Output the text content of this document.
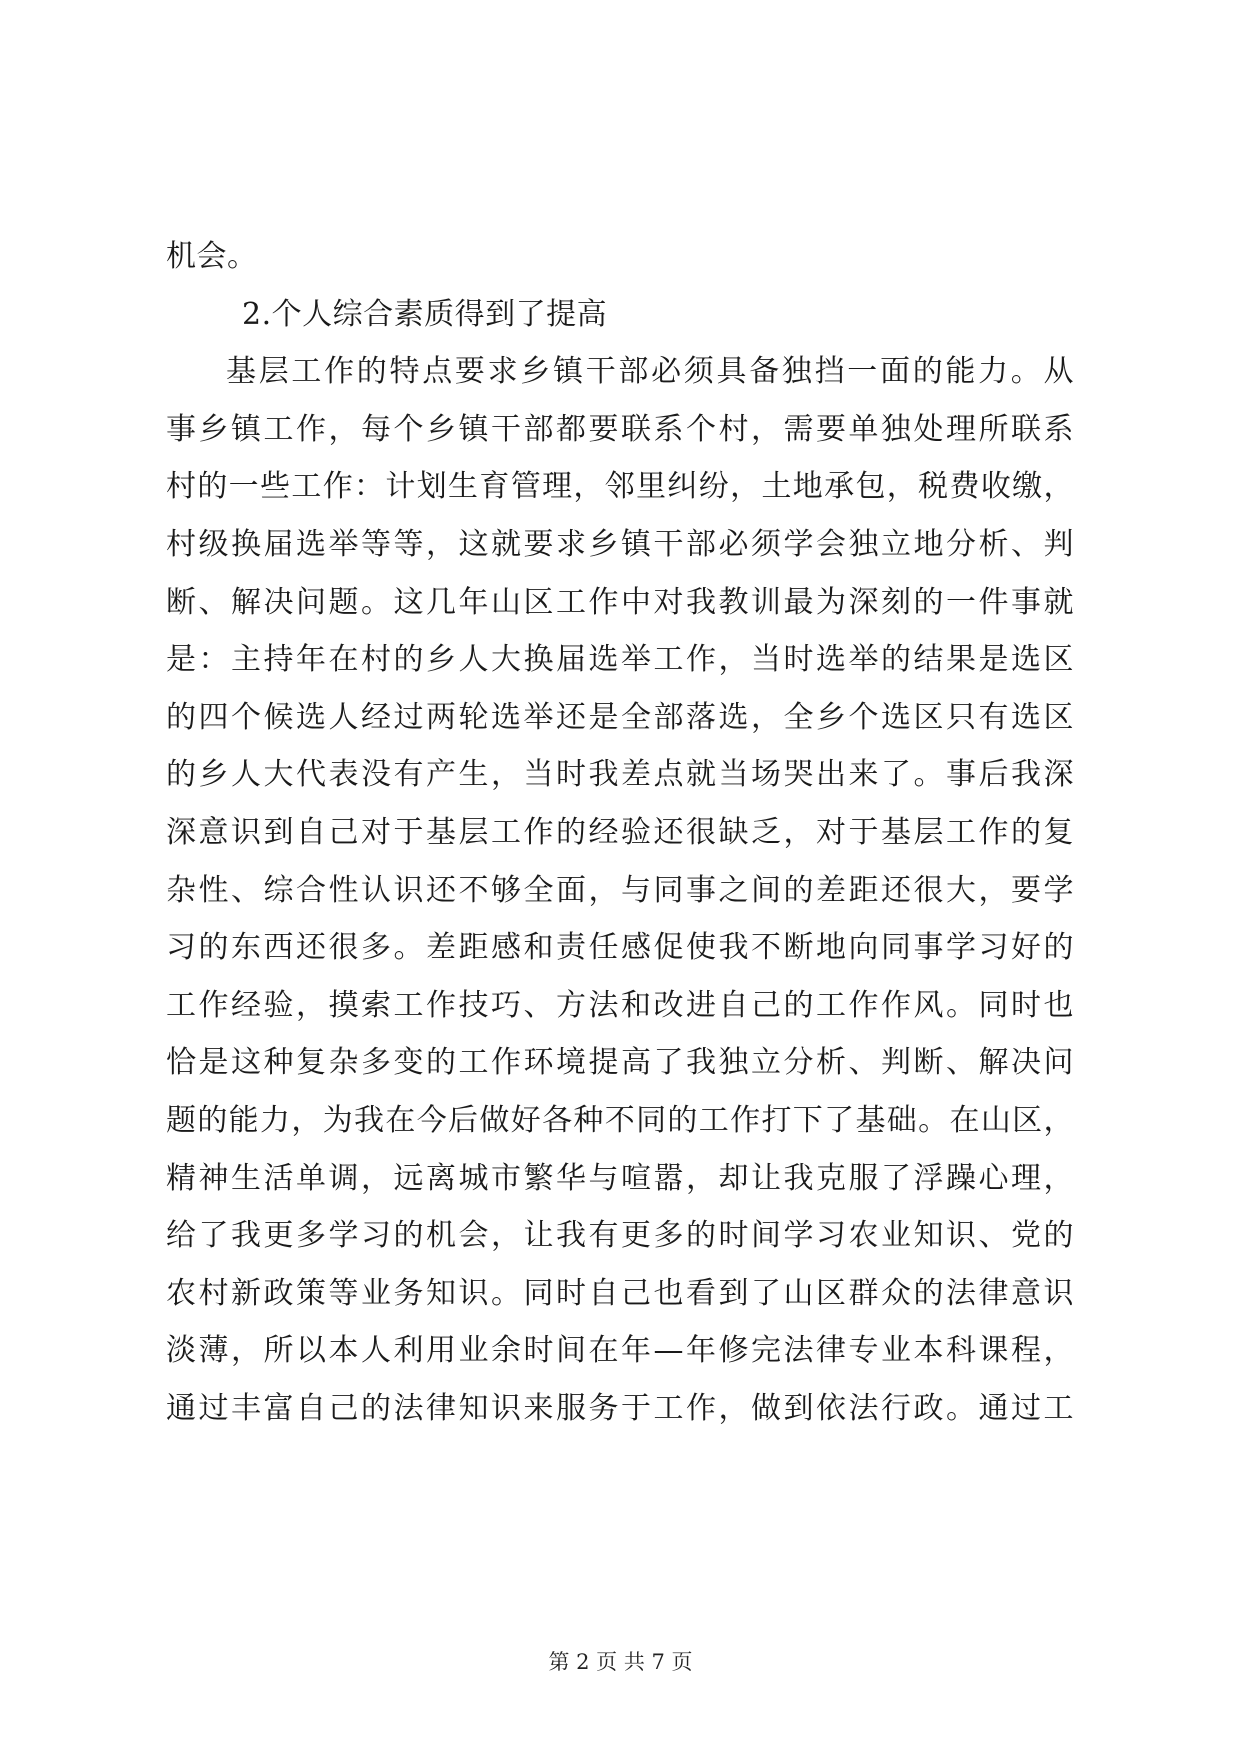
机会。
2.个人综合素质得到了提高
基层工作的特点要求乡镇干部必须具备独挡一面的能力。从
事乡镇工作，每个乡镇干部都要联系个村，需要单独处理所联系
村的一些工作：计划生育管理，邻里纠纷，土地承包，税费收缴，
村级换届选举等等，这就要求乡镇干部必须学会独立地分析、判
断、解决问题。这几年山区工作中对我教训最为深刻的一件事就
是：主持年在村的乡人大换届选举工作，当时选举的结果是选区
的四个候选人经过两轮选举还是全部落选，全乡个选区只有选区
的乡人大代表没有产生，当时我差点就当场哭出来了。事后我深
深意识到自己对于基层工作的经验还很缺乏，对于基层工作的复
杂性、综合性认识还不够全面，与同事之间的差距还很大，要学
习的东西还很多。差距感和责任感促使我不断地向同事学习好的
工作经验，摸索工作技巧、方法和改进自己的工作作风。同时也
恰是这种复杂多变的工作环境提高了我独立分析、判断、解决问
题的能力，为我在今后做好各种不同的工作打下了基础。在山区，
精神生活单调，远离城市繁华与喧嚣，却让我克服了浮躁心理，
给了我更多学习的机会，让我有更多的时间学习农业知识、党的
农村新政策等业务知识。同时自己也看到了山区群众的法律意识
淡薄，所以本人利用业余时间在年—年修完法律专业本科课程，
通过丰富自己的法律知识来服务于工作，做到依法行政。通过工
第 2 页 共 7 页
